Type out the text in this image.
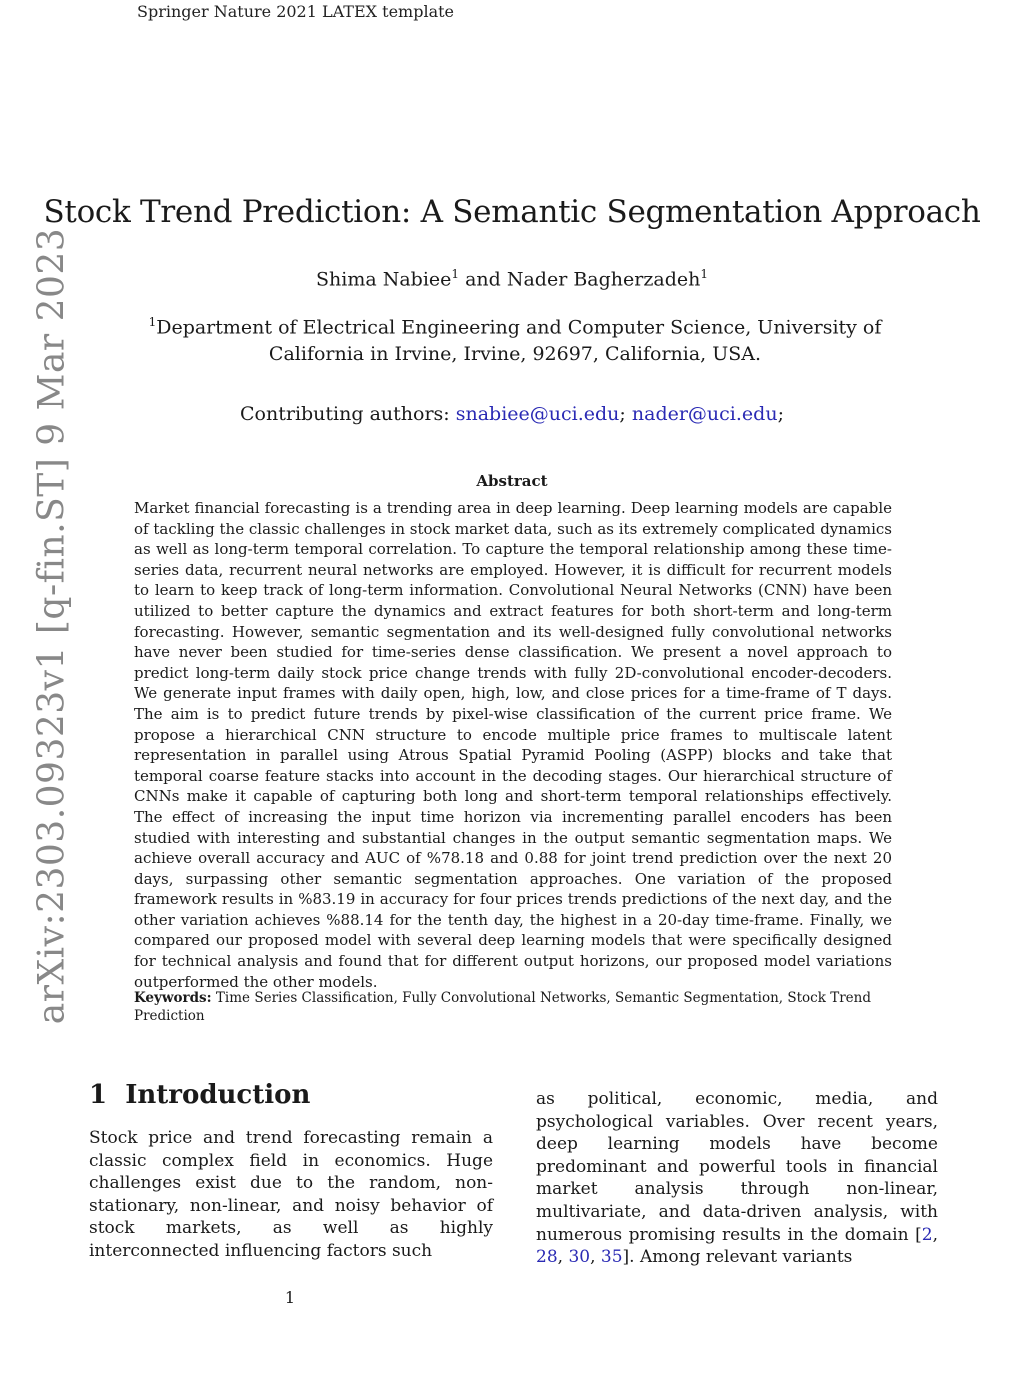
Springer Nature 2021 LATEX template
arXiv:2303.09323v1 [q-fin.ST] 9 Mar 2023
Stock Trend Prediction: A Semantic Segmentation Approach
Shima Nabiee$^1$ and Nader Bagherzadeh$^1$
$^1$Department of Electrical Engineering and Computer Science, University of California in Irvine, Irvine, 92697, California, USA.
Contributing authors: snabiee@uci.edu; nader@uci.edu;
Abstract
Market financial forecasting is a trending area in deep learning. Deep learning models are capable of tackling the classic challenges in stock market data, such as its extremely complicated dynamics as well as long-term temporal correlation. To capture the temporal relationship among these time-series data, recurrent neural networks are employed. However, it is difficult for recurrent models to learn to keep track of long-term information. Convolutional Neural Networks (CNN) have been utilized to better capture the dynamics and extract features for both short-term and long-term forecasting. However, semantic segmentation and its well-designed fully convolutional networks have never been studied for time-series dense classification. We present a novel approach to predict long-term daily stock price change trends with fully 2D-convolutional encoder-decoders. We generate input frames with daily open, high, low, and close prices for a time-frame of T days. The aim is to predict future trends by pixel-wise classification of the current price frame. We propose a hierarchical CNN structure to encode multiple price frames to multiscale latent representation in parallel using Atrous Spatial Pyramid Pooling (ASPP) blocks and take that temporal coarse feature stacks into account in the decoding stages. Our hierarchical structure of CNNs make it capable of capturing both long and short-term temporal relationships effectively. The effect of increasing the input time horizon via incrementing parallel encoders has been studied with interesting and substantial changes in the output semantic segmentation maps. We achieve overall accuracy and AUC of %78.18 and 0.88 for joint trend prediction over the next 20 days, surpassing other semantic segmentation approaches. One variation of the proposed framework results in %83.19 in accuracy for four prices trends predictions of the next day, and the other variation achieves %88.14 for the tenth day, the highest in a 20-day time-frame. Finally, we compared our proposed model with several deep learning models that were specifically designed for technical analysis and found that for different output horizons, our proposed model variations outperformed the other models.
Keywords: Time Series Classification, Fully Convolutional Networks, Semantic Segmentation, Stock Trend Prediction
1 Introduction
Stock price and trend forecasting remain a classic complex field in economics. Huge challenges exist due to the random, non-stationary, non-linear, and noisy behavior of stock markets, as well as highly interconnected influencing factors such
as political, economic, media, and psychological variables. Over recent years, deep learning models have become predominant and powerful tools in financial market analysis through non-linear, multivariate, and data-driven analysis, with numerous promising results in the domain [2, 28, 30, 35]. Among relevant variants
1
